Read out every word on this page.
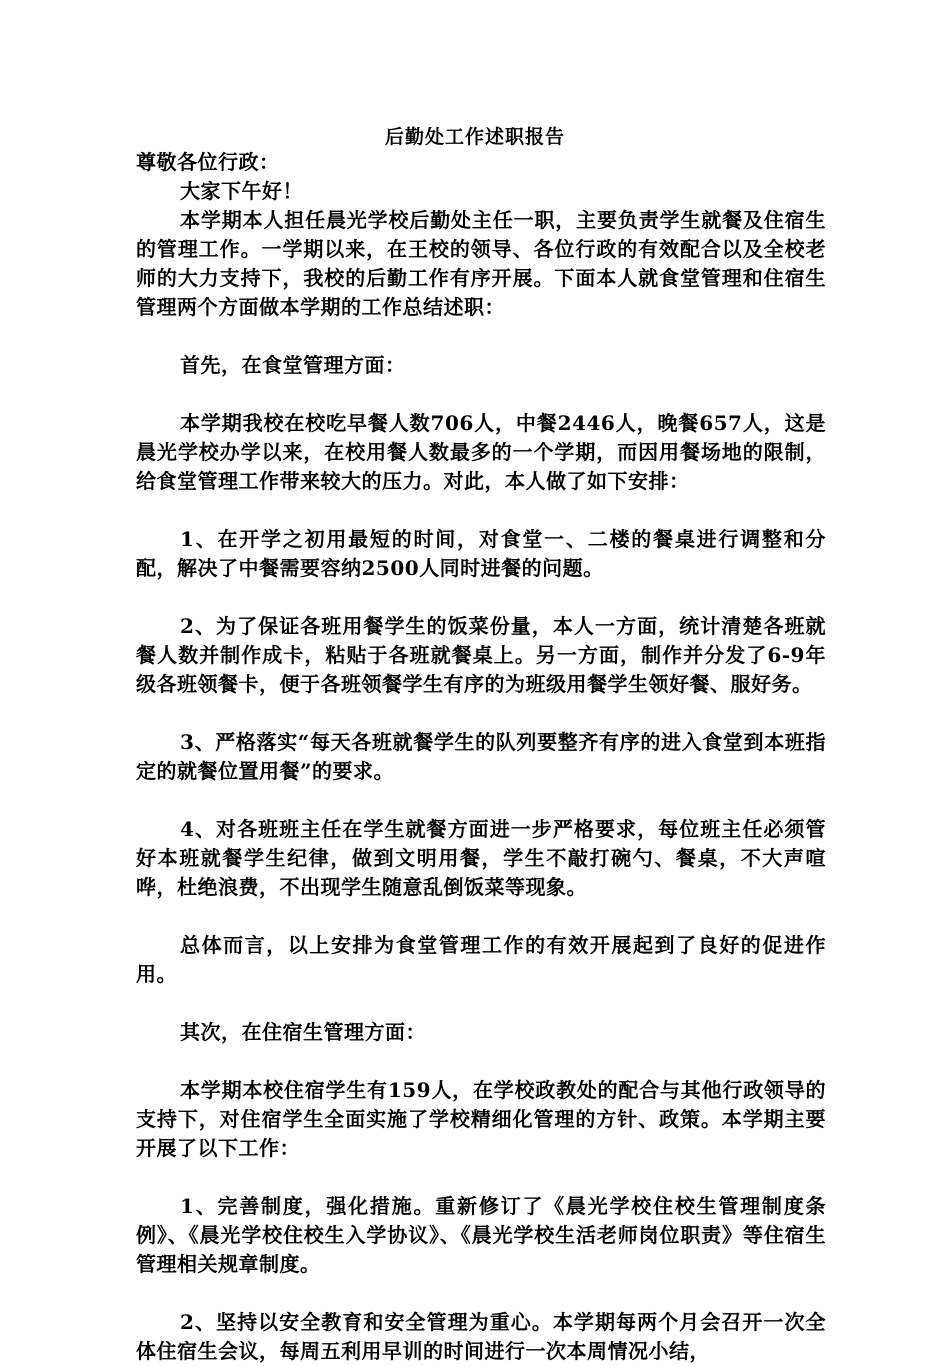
后勤处工作述职报告

尊敬各位行政：

大家下午好！

本学期本人担任晨光学校后勤处主任一职，主要负责学生就餐及住宿生的管理工作。一学期以来，在王校的领导、各位行政的有效配合以及全校老师的大力支持下，我校的后勤工作有序开展。下面本人就食堂管理和住宿生管理两个方面做本学期的工作总结述职：

首先，在食堂管理方面：

本学期我校在校吃早餐人数706人，中餐2446人，晚餐657人，这是晨光学校办学以来，在校用餐人数最多的一个学期，而因用餐场地的限制，给食堂管理工作带来较大的压力。对此，本人做了如下安排：

1、在开学之初用最短的时间，对食堂一、二楼的餐桌进行调整和分配，解决了中餐需要容纳2500人同时进餐的问题。

2、为了保证各班用餐学生的饭菜份量，本人一方面，统计清楚各班就餐人数并制作成卡，粘贴于各班就餐桌上。另一方面，制作并分发了6-9年级各班领餐卡，便于各班领餐学生有序的为班级用餐学生领好餐、服好务。

3、严格落实“每天各班就餐学生的队列要整齐有序的进入食堂到本班指定的就餐位置用餐”的要求。

4、对各班班主任在学生就餐方面进一步严格要求，每位班主任必须管好本班就餐学生纪律，做到文明用餐，学生不敲打碗勺、餐桌，不大声喧哗，杜绝浪费，不出现学生随意乱倒饭菜等现象。

总体而言，以上安排为食堂管理工作的有效开展起到了良好的促进作用。

其次，在住宿生管理方面：

本学期本校住宿学生有159人，在学校政教处的配合与其他行政领导的支持下，对住宿学生全面实施了学校精细化管理的方针、政策。本学期主要开展了以下工作：

1、完善制度，强化措施。重新修订了《晨光学校住校生管理制度条例》、《晨光学校住校生入学协议》、《晨光学校生活老师岗位职责》等住宿生管理相关规章制度。

2、坚持以安全教育和安全管理为重心。本学期每两个月会召开一次全体住宿生会议，每周五利用早训的时间进行一次本周情况小结，
